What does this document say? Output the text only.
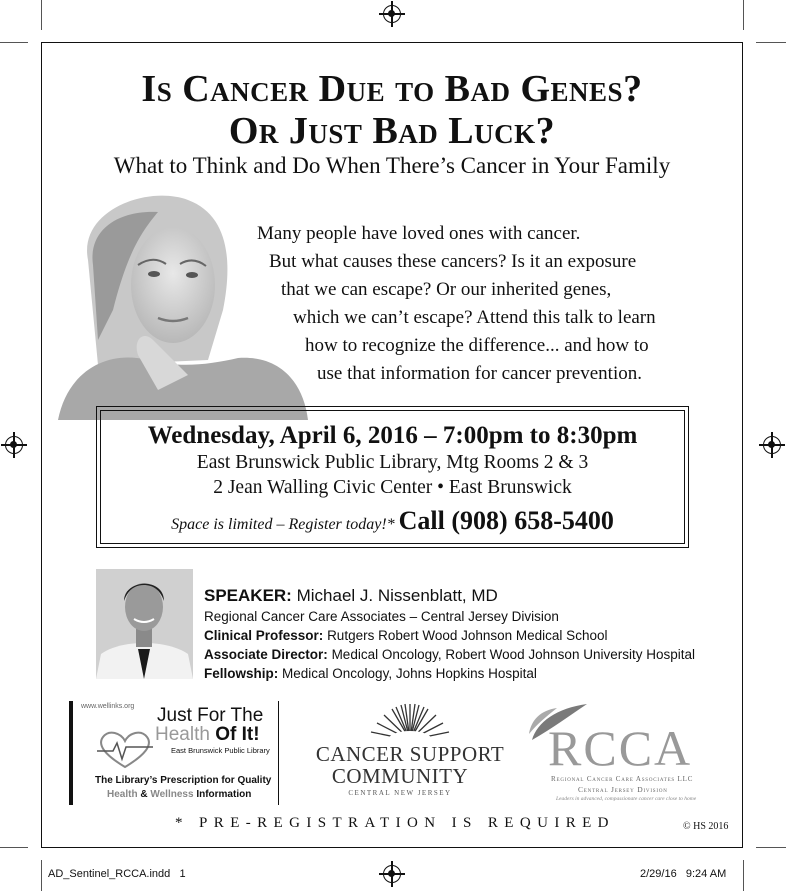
Is Cancer Due to Bad Genes?
Or Just Bad Luck?
What to Think and Do When There’s Cancer in Your Family

Many people have loved ones with cancer.

But what causes these cancers? Is it an exposure

that we can escape? Or our inherited genes,

which we can’t escape? Attend this talk to learn

how to recognize the difference... and how to

use that information for cancer prevention.

Wednesday, April 6, 2016 – 7:00pm to 8:30pm
East Brunswick Public Library, Mtg Rooms 2 & 3
2 Jean Walling Civic Center • East Brunswick
Space is limited – Register today!* Call (908) 658-5400
SPEAKER: Michael J. Nissenblatt, MD
Regional Cancer Care Associates – Central Jersey Division
Clinical Professor: Rutgers Robert Wood Johnson Medical School
Associate Director: Medical Oncology, Robert Wood Johnson University Hospital
Fellowship: Medical Oncology, Johns Hopkins Hospital
www.wellinks.org Just For The
Health Of It!
East Brunswick Public Library
The Library’s Prescription for Quality
Health & Wellness Information
CANCER SUPPORT
COMMUNITY
CENTRAL NEW JERSEY
RCCA
Regional Cancer Care Associates LLC
Central Jersey Division
Leaders in advanced, compassionate cancer care close to home
* PRE-REGISTRATION IS REQUIRED	© HS 2016
AD_Sentinel_RCCA.indd   1	2/29/16   9:24 AM
